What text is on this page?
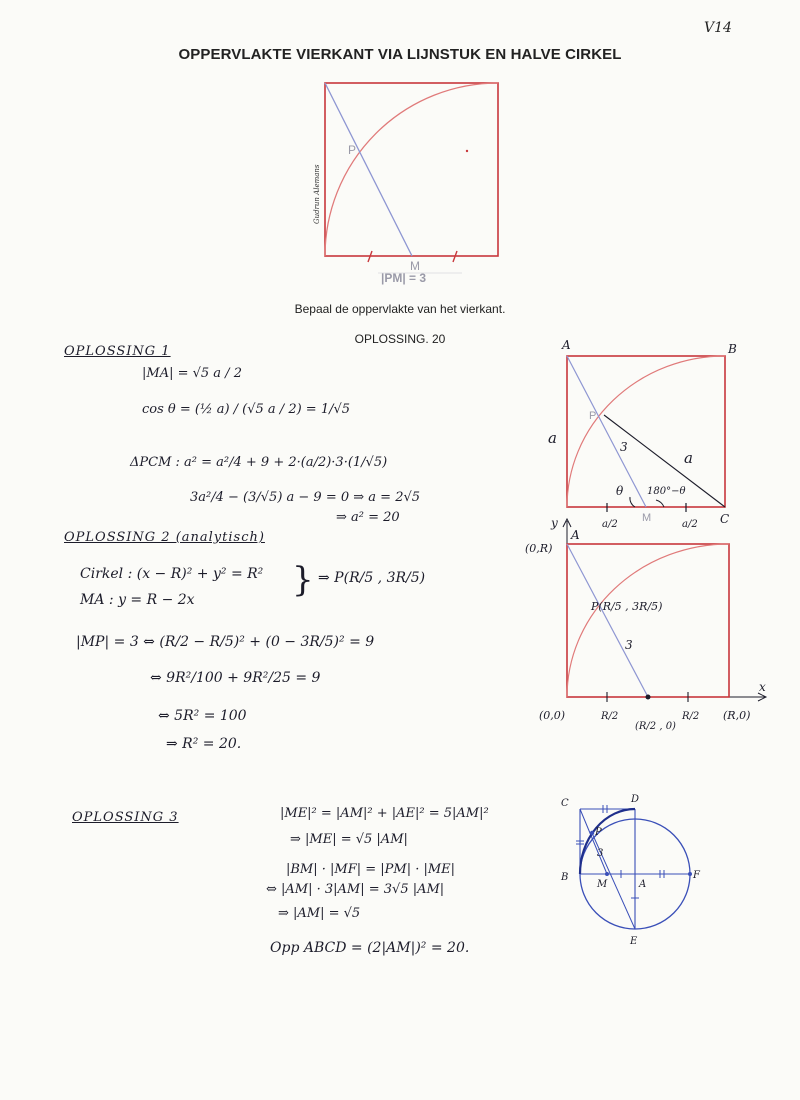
V14
OPPERVLAKTE VIERKANT VIA LIJNSTUK EN HALVE CIRKEL
P
M
|PM| = 3
Gudrun Alemans
Bepaal de oppervlakte van het vierkant.
OPLOSSING. 20
OPLOSSING 1
|MA| = √5 a / 2
cos θ = (½ a) / (√5 a / 2) = 1/√5
ΔPCM : a² = a²/4 + 9 + 2·(a/2)·3·(1/√5)
3a²/4 − (3/√5) a − 9 = 0 ⇒ a = 2√5
⇒ a² = 20
OPLOSSING 2 (analytisch)
Cirkel : (x − R)² + y² = R²
MA : y = R − 2x	} ⇒ P(R/5 , 3R/5)
|MP| = 3 ⇔ (R/2 − R/5)² + (0 − 3R/5)² = 9
⇔ 9R²/100 + 9R²/25 = 9
⇔ 5R² = 100
⇒ R² = 20.
OPLOSSING 3	|ME|² = |AM|² + |AE|² = 5|AM|²
⇒ |ME| = √5 |AM|
|BM| · |MF| = |PM| · |ME|
⇔ |AM| · 3|AM| = 3√5 |AM|
⇒ |AM| = √5
Opp ABCD = (2|AM|)² = 20.
A	B
C
P
M
a
a
3
θ 180°−θ
a/2	a/2
y
x
A
(0,R)
(0,0)	(R,0)
P(R/5 , 3R/5)
3
R/2	R/2
(R/2 , 0)
C	D
B
M	A
F
E
P
3
